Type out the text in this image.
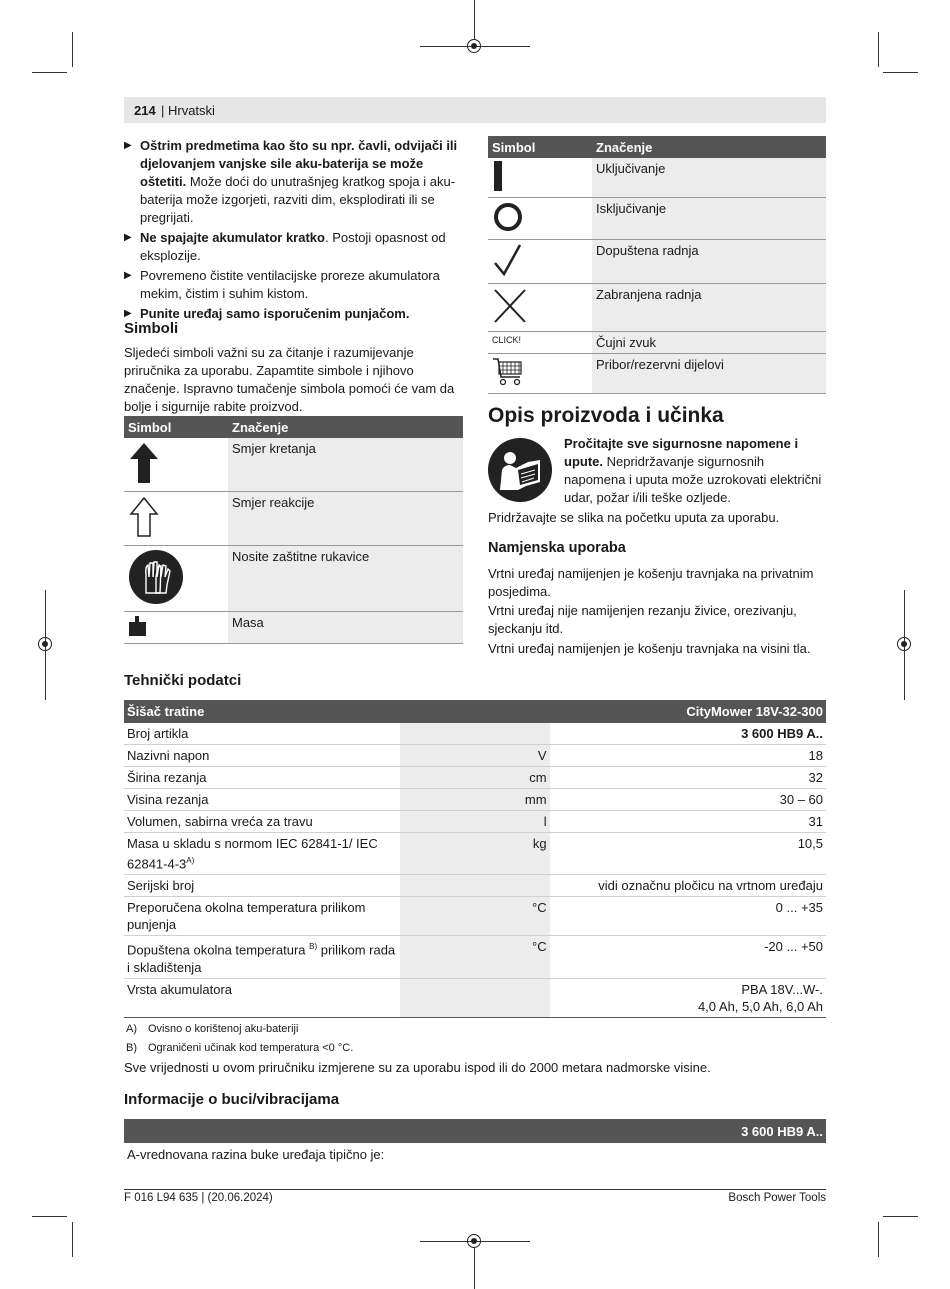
214 | Hrvatski
▶ Oštrim predmetima kao što su npr. čavli, odvijači ili djelovanjem vanjske sile aku-baterija se može oštetiti. Može doći do unutrašnjeg kratkog spoja i aku-baterija može izgorjeti, razviti dim, eksplodirati ili se pregrijati.
▶ Ne spajajte akumulator kratko. Postoji opasnost od eksplozije.
▶ Povremeno čistite ventilacijske proreze akumulatora mekim, čistim i suhim kistom.
▶ Punite uređaj samo isporučenim punjačom.
Simboli
Sljedeći simboli važni su za čitanje i razumijevanje priručnika za uporabu. Zapamtite simbole i njihovo značenje. Ispravno tumačenje simbola pomoći će vam da bolje i sigurnije rabite proizvod.
Simbol	Značenje
	Smjer kretanja
	Smjer reakcije
	Nosite zaštitne rukavice
	Masa
Simbol	Značenje
	Uključivanje
	Isključivanje
	Dopuštena radnja
	Zabranjena radnja
CLICK!	Čujni zvuk
	Pribor/rezervni dijelovi
Opis proizvoda i učinka
Pročitajte sve sigurnosne napomene i upute. Nepridržavanje sigurnosnih napomena i uputa može uzrokovati električni udar, požar i/ili teške ozljede.
Pridržavajte se slika na početku uputa za uporabu.
Namjenska uporaba
Vrtni uređaj namijenjen je košenju travnjaka na privatnim posjedima.
Vrtni uređaj nije namijenjen rezanju živice, orezivanju, sjeckanju itd.
Vrtni uređaj namijenjen je košenju travnjaka na visini tla.
Tehnički podatci
Šišač tratine		CityMower 18V-32-300
Broj artikla		3 600 HB9 A..
Nazivni napon	V	18
Širina rezanja	cm	32
Visina rezanja	mm	30 – 60
Volumen, sabirna vreća za travu	l	31
Masa u skladu s normom IEC 62841-1/ IEC $62841-4-3^{A)}$	kg	10,5
Serijski broj		vidi označnu pločicu na vrtnom uređaju
Preporučena okolna temperatura prilikom punjenja	°C	0 ... +35
Dopuštena okolna temperatura $^{B)}$ prilikom rada i skladištenja	°C	-20 ... +50
Vrsta akumulatora		PBA 18V...W-.
4,0 Ah, 5,0 Ah, 6,0 Ah
A) Ovisno o korištenoj aku-bateriji
B) Ograničeni učinak kod temperatura <0 °C.
Sve vrijednosti u ovom priručniku izmjerene su za uporabu ispod ili do 2000 metara nadmorske visine.
Informacije o buci/vibracijama
3 600 HB9 A..
A-vrednovana razina buke uređaja tipično je:
F 016 L94 635 | (20.06.2024)	Bosch Power Tools
